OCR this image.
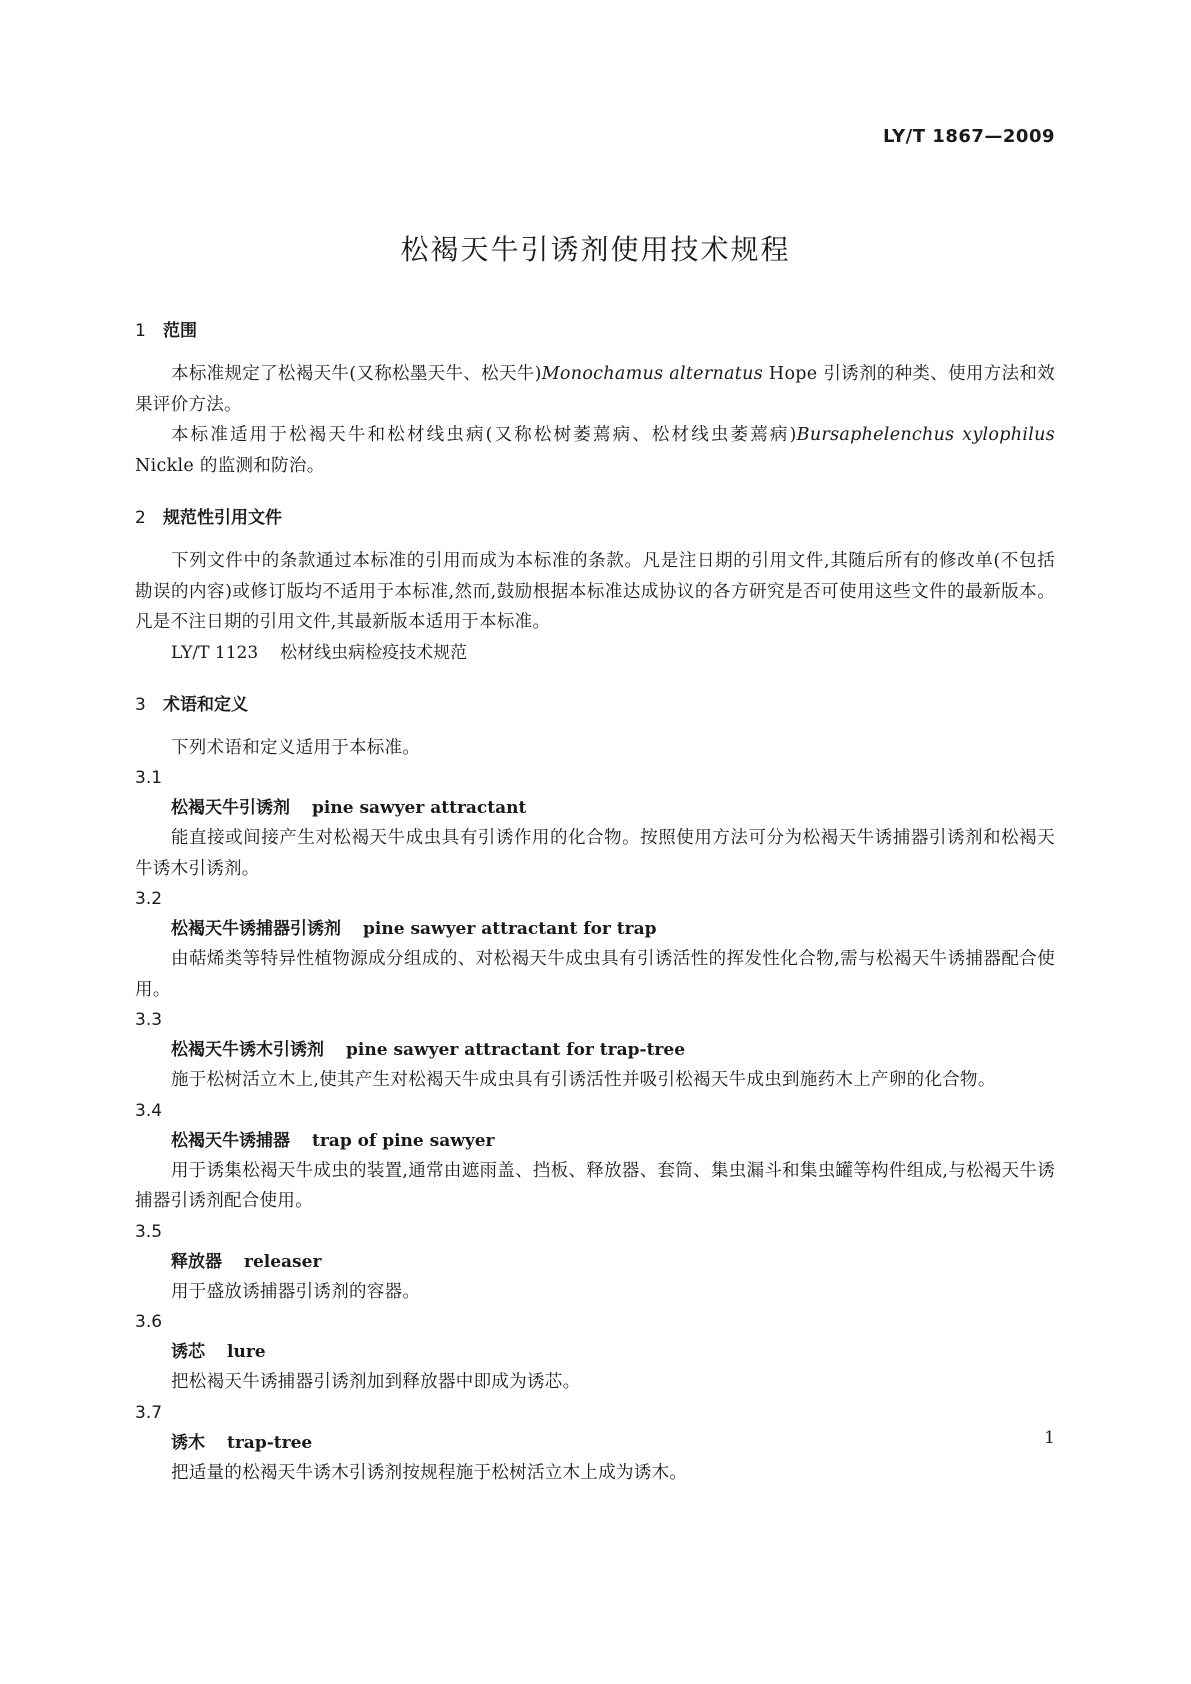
LY/T 1867—2009
松褐天牛引诱剂使用技术规程
1 范围
本标准规定了松褐天牛(又称松墨天牛、松天牛)Monochamus alternatus Hope 引诱剂的种类、使用方法和效果评价方法。
本标准适用于松褐天牛和松材线虫病(又称松树萎蔫病、松材线虫萎蔫病)Bursaphelenchus xylophilus Nickle 的监测和防治。
2 规范性引用文件
下列文件中的条款通过本标准的引用而成为本标准的条款。凡是注日期的引用文件,其随后所有的修改单(不包括勘误的内容)或修订版均不适用于本标准,然而,鼓励根据本标准达成协议的各方研究是否可使用这些文件的最新版本。凡是不注日期的引用文件,其最新版本适用于本标准。
LY/T 1123 松材线虫病检疫技术规范
3 术语和定义
下列术语和定义适用于本标准。
3.1
松褐天牛引诱剂 pine sawyer attractant
能直接或间接产生对松褐天牛成虫具有引诱作用的化合物。按照使用方法可分为松褐天牛诱捕器引诱剂和松褐天牛诱木引诱剂。
3.2
松褐天牛诱捕器引诱剂 pine sawyer attractant for trap
由萜烯类等特异性植物源成分组成的、对松褐天牛成虫具有引诱活性的挥发性化合物,需与松褐天牛诱捕器配合使用。
3.3
松褐天牛诱木引诱剂 pine sawyer attractant for trap-tree
施于松树活立木上,使其产生对松褐天牛成虫具有引诱活性并吸引松褐天牛成虫到施药木上产卵的化合物。
3.4
松褐天牛诱捕器 trap of pine sawyer
用于诱集松褐天牛成虫的装置,通常由遮雨盖、挡板、释放器、套筒、集虫漏斗和集虫罐等构件组成,与松褐天牛诱捕器引诱剂配合使用。
3.5
释放器 releaser
用于盛放诱捕器引诱剂的容器。
3.6
诱芯 lure
把松褐天牛诱捕器引诱剂加到释放器中即成为诱芯。
3.7
诱木 trap-tree
把适量的松褐天牛诱木引诱剂按规程施于松树活立木上成为诱木。
1
